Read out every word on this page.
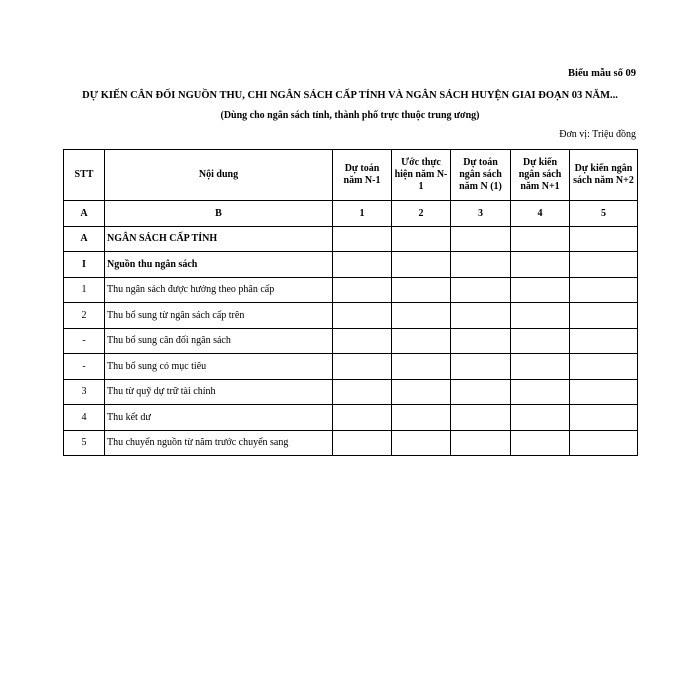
Biểu mẫu số 09
DỰ KIẾN CÂN ĐỐI NGUỒN THU, CHI NGÂN SÁCH CẤP TỈNH VÀ NGÂN SÁCH HUYỆN GIAI ĐOẠN 03 NĂM...
(Dùng cho ngân sách tỉnh, thành phố trực thuộc trung ương)
Đơn vị: Triệu đồng
STT	Nội dung	Dự toán năm N-1	Ước thực hiện năm N-1	Dự toán ngân sách năm N (1)	Dự kiến ngân sách năm N+1	Dự kiến ngân sách năm N+2
A	B	1	2	3	4	5
A	NGÂN SÁCH CẤP TỈNH					
I	Nguồn thu ngân sách					
1	Thu ngân sách được hưởng theo phân cấp					
2	Thu bổ sung từ ngân sách cấp trên					
-	Thu bổ sung cân đối ngân sách					
-	Thu bổ sung có mục tiêu					
3	Thu từ quỹ dự trữ tài chính					
4	Thu kết dư					
5	Thu chuyển nguồn từ năm trước chuyển sang					
